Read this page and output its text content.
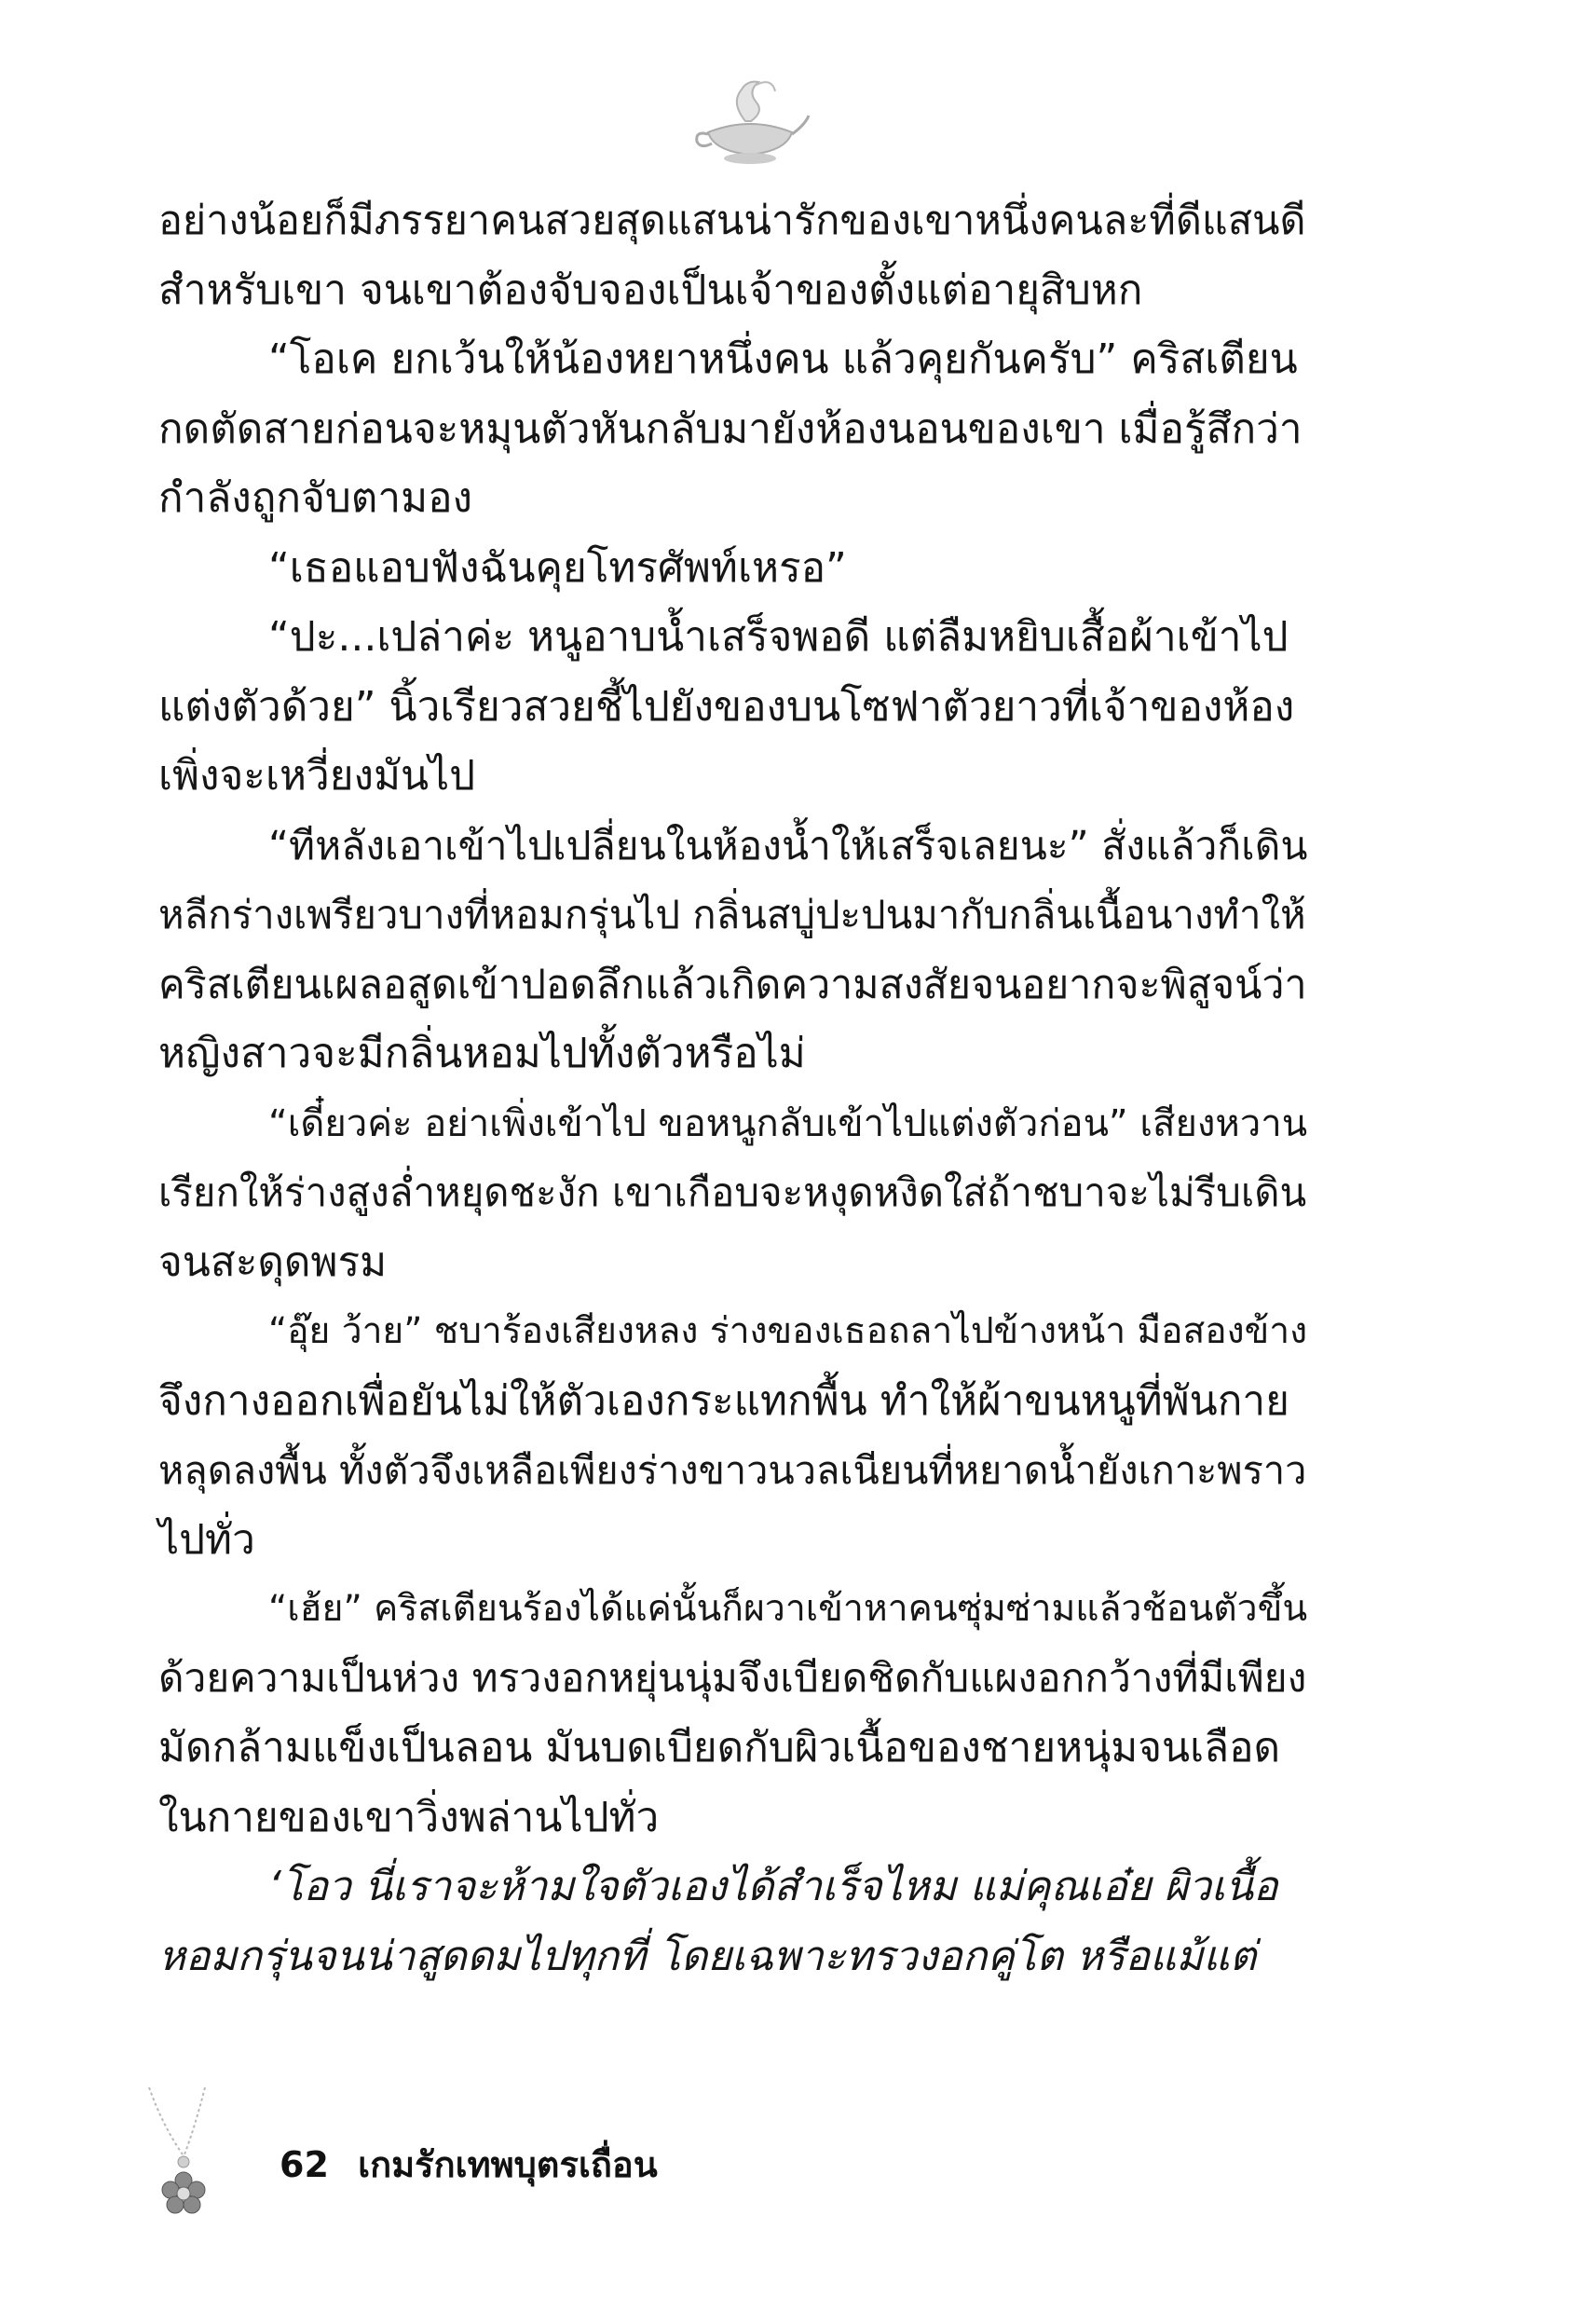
อย่างน้อยก็มีภรรยาคนสวยสุดแสนน่ารักของเขาหนึ่งคนละที่ดีแสนดี
สำหรับเขา จนเขาต้องจับจองเป็นเจ้าของตั้งแต่อายุสิบหก
“โอเค ยกเว้นให้น้องหยาหนึ่งคน แล้วคุยกันครับ” คริสเตียน
กดตัดสายก่อนจะหมุนตัวหันกลับมายังห้องนอนของเขา เมื่อรู้สึกว่า
กำลังถูกจับตามอง
“เธอแอบฟังฉันคุยโทรศัพท์เหรอ”
“ปะ...เปล่าค่ะ หนูอาบน้ำเสร็จพอดี แต่ลืมหยิบเสื้อผ้าเข้าไป
แต่งตัวด้วย” นิ้วเรียวสวยชี้ไปยังของบนโซฟาตัวยาวที่เจ้าของห้อง
เพิ่งจะเหวี่ยงมันไป
“ทีหลังเอาเข้าไปเปลี่ยนในห้องน้ำให้เสร็จเลยนะ” สั่งแล้วก็เดิน
หลีกร่างเพรียวบางที่หอมกรุ่นไป กลิ่นสบู่ปะปนมากับกลิ่นเนื้อนางทำให้
คริสเตียนเผลอสูดเข้าปอดลึกแล้วเกิดความสงสัยจนอยากจะพิสูจน์ว่า
หญิงสาวจะมีกลิ่นหอมไปทั้งตัวหรือไม่
“เดี๋ยวค่ะ อย่าเพิ่งเข้าไป ขอหนูกลับเข้าไปแต่งตัวก่อน” เสียงหวาน
เรียกให้ร่างสูงล่ำหยุดชะงัก เขาเกือบจะหงุดหงิดใส่ถ้าชบาจะไม่รีบเดิน
จนสะดุดพรม
“อุ๊ย ว้าย” ชบาร้องเสียงหลง ร่างของเธอถลาไปข้างหน้า มือสองข้าง
จึงกางออกเพื่อยันไม่ให้ตัวเองกระแทกพื้น ทำให้ผ้าขนหนูที่พันกาย
หลุดลงพื้น ทั้งตัวจึงเหลือเพียงร่างขาวนวลเนียนที่หยาดน้ำยังเกาะพราว
ไปทั่ว
“เฮ้ย” คริสเตียนร้องได้แค่นั้นก็ผวาเข้าหาคนซุ่มซ่ามแล้วช้อนตัวขึ้น
ด้วยความเป็นห่วง ทรวงอกหยุ่นนุ่มจึงเบียดชิดกับแผงอกกว้างที่มีเพียง
มัดกล้ามแข็งเป็นลอน มันบดเบียดกับผิวเนื้อของชายหนุ่มจนเลือด
ในกายของเขาวิ่งพล่านไปทั่ว
‘โอว นี่เราจะห้ามใจตัวเองได้สำเร็จไหม แม่คุณเอ๋ย ผิวเนื้อ
หอมกรุ่นจนน่าสูดดมไปทุกที่ โดยเฉพาะทรวงอกคู่โต หรือแม้แต่
62 เกมรักเทพบุตรเถื่อน
